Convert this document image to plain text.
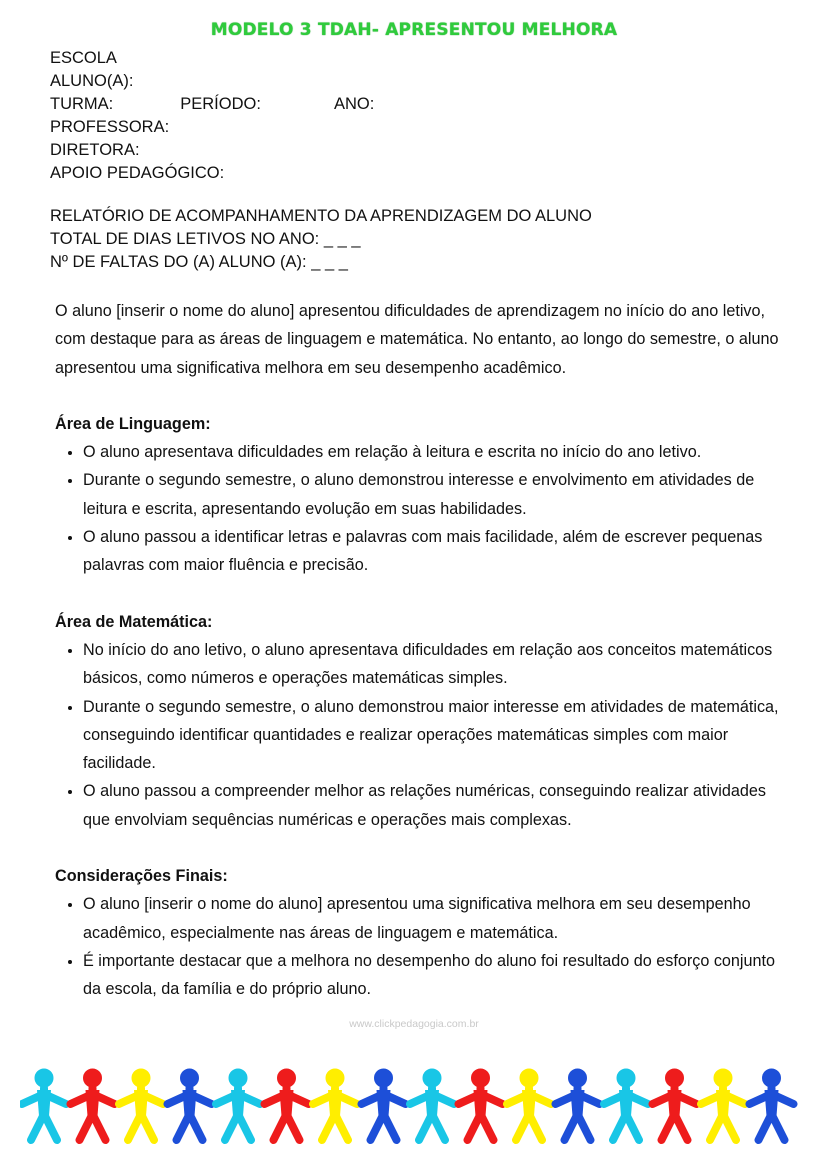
MODELO 3 TDAH- APRESENTOU MELHORA
ESCOLA
ALUNO(A):
TURMA:	PERÍODO:	ANO:
PROFESSORA:
DIRETORA:
APOIO PEDAGÓGICO:
RELATÓRIO DE ACOMPANHAMENTO DA APRENDIZAGEM DO ALUNO
TOTAL DE DIAS LETIVOS NO ANO: _ _ _
Nº DE FALTAS DO (A) ALUNO (A): _ _ _

O aluno [inserir o nome do aluno] apresentou dificuldades de aprendizagem no início do ano letivo, com destaque para as áreas de linguagem e matemática. No entanto, ao longo do semestre, o aluno apresentou uma significativa melhora em seu desempenho acadêmico.

Área de Linguagem:

• O aluno apresentava dificuldades em relação à leitura e escrita no início do ano letivo.
• Durante o segundo semestre, o aluno demonstrou interesse e envolvimento em atividades de leitura e escrita, apresentando evolução em suas habilidades.
• O aluno passou a identificar letras e palavras com mais facilidade, além de escrever pequenas palavras com maior fluência e precisão.

Área de Matemática:

• No início do ano letivo, o aluno apresentava dificuldades em relação aos conceitos matemáticos básicos, como números e operações matemáticas simples.
• Durante o segundo semestre, o aluno demonstrou maior interesse em atividades de matemática, conseguindo identificar quantidades e realizar operações matemáticas simples com maior facilidade.
• O aluno passou a compreender melhor as relações numéricas, conseguindo realizar atividades que envolviam sequências numéricas e operações mais complexas.

Considerações Finais:

• O aluno [inserir o nome do aluno] apresentou uma significativa melhora em seu desempenho acadêmico, especialmente nas áreas de linguagem e matemática.
• É importante destacar que a melhora no desempenho do aluno foi resultado do esforço conjunto da escola, da família e do próprio aluno.
www.clickpedagogia.com.br
